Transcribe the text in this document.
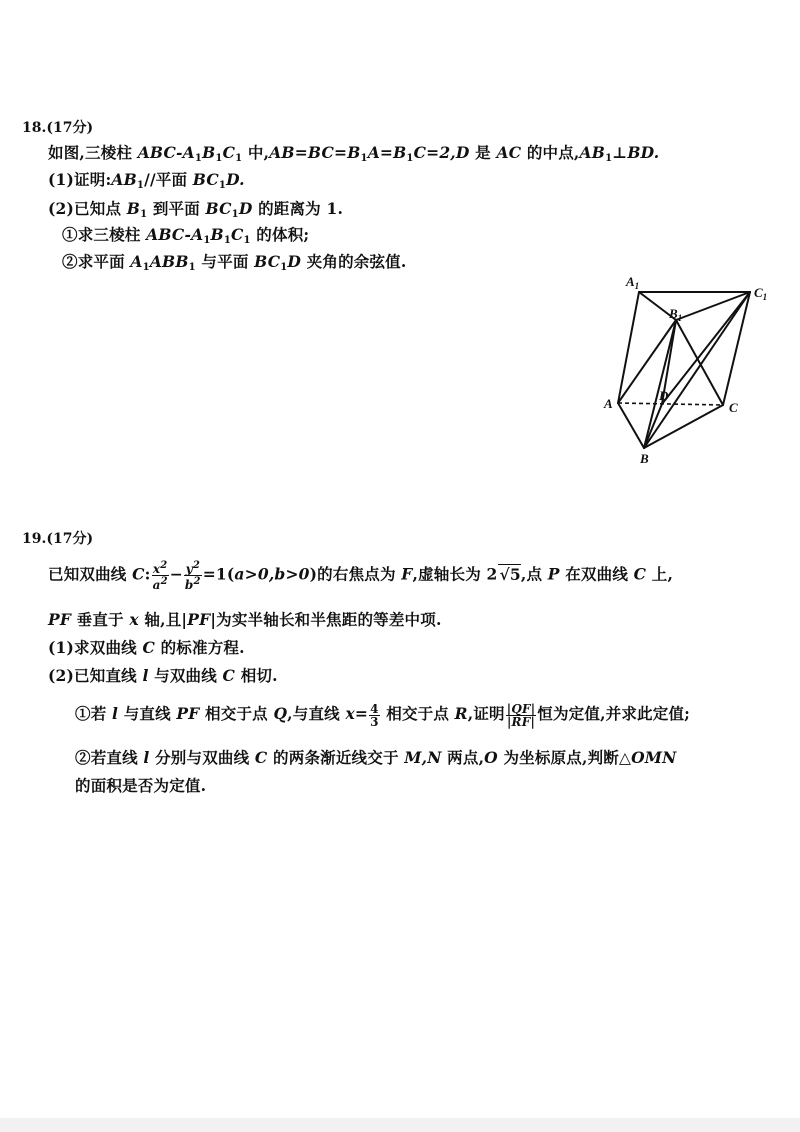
18.(17分)
如图,三棱柱 ABC-$A_1B_1C_1$ 中$,AB=BC=B_1A=B_1C=2,D$ 是 AC 的中点$,AB_1\perp BD$.
(1)证明$:AB_1//$平面 $BC_1D$.
(2)已知点 $B_1$ 到平面 $BC_1D$ 的距离为 1.
①求三棱柱 ABC-$A_1B_1C_1$ 的体积;
②求平面 $A_1ABB_1$ 与平面 $BC_1D$ 夹角的余弦值.
$A_1$
$B_1$
$C_1$
A
D
C
B
19.(17分)
已知双曲线 C: $\frac{x^2}{a^2} - \frac{y^2}{b^2} =1(a>0,b>0)$的右焦点为 F,虚轴长为 2 √5,点 P 在双曲线 C 上,
PF 垂直于 x 轴,且|PF|为实半轴长和半焦距的等差中项.
(1)求双曲线 C 的标准方程.
(2)已知直线 l 与双曲线 C 相切.
①若 l 与直线 PF 相交于点 Q,与直线 $x= \frac{4}{3}$ 相交于点 R,证明 $\frac{|QF|}{|RF|}$ 恒为定值,并求此定值;
②若直线 l 分别与双曲线 C 的两条渐近线交于 M,N 两点,O 为坐标原点,判断△OMN
的面积是否为定值.
